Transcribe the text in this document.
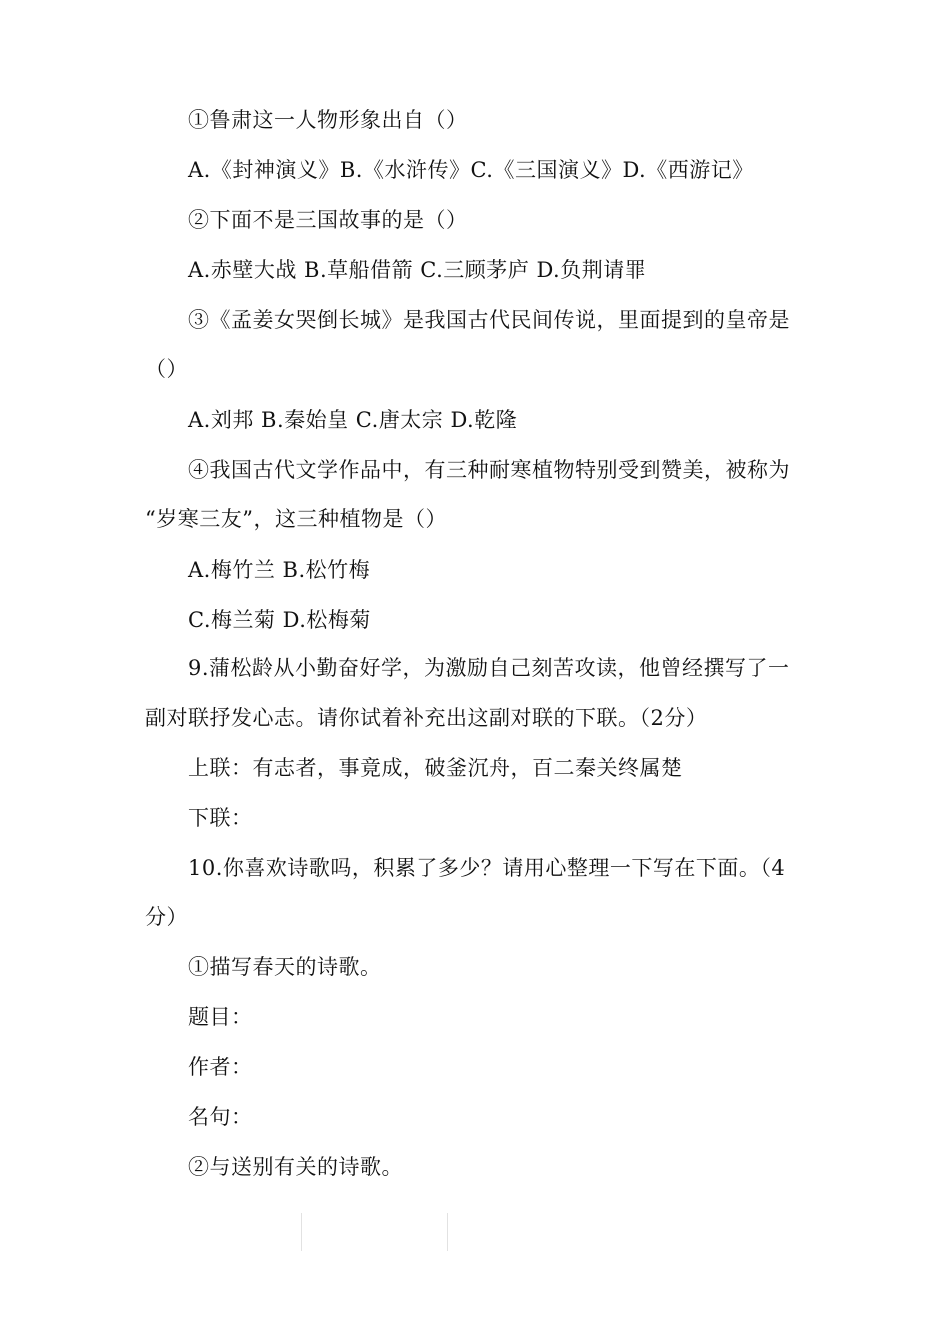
①鲁肃这一人物形象出自（）
A.《封神演义》B.《水浒传》C.《三国演义》D.《西游记》
②下面不是三国故事的是（）
A.赤壁大战 B.草船借箭 C.三顾茅庐 D.负荆请罪
③《孟姜女哭倒长城》是我国古代民间传说，里面提到的皇帝是
（）
A.刘邦 B.秦始皇 C.唐太宗 D.乾隆
④我国古代文学作品中，有三种耐寒植物特别受到赞美，被称为
“岁寒三友”，这三种植物是（）
A.梅竹兰 B.松竹梅
C.梅兰菊 D.松梅菊
9.蒲松龄从小勤奋好学，为激励自己刻苦攻读，他曾经撰写了一
副对联抒发心志。请你试着补充出这副对联的下联。（2分）
上联：有志者，事竟成，破釜沉舟，百二秦关终属楚
下联：
10.你喜欢诗歌吗，积累了多少？请用心整理一下写在下面。（4
分）
①描写春天的诗歌。
题目：
作者：
名句：
②与送别有关的诗歌。
